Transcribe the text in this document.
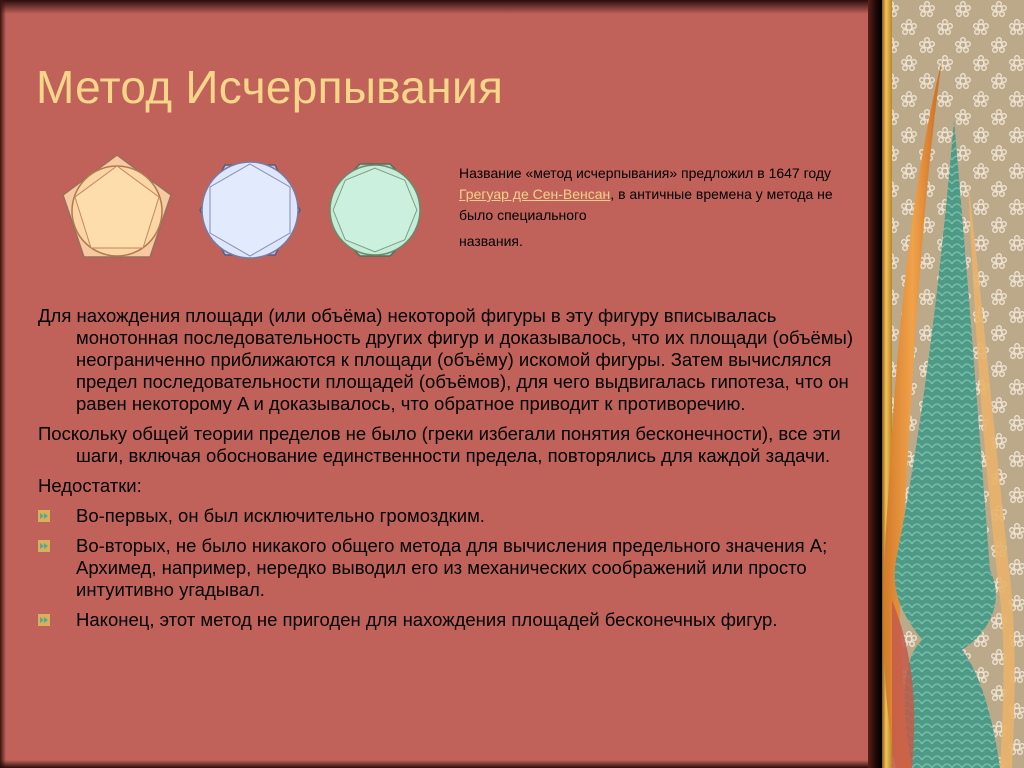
Метод Исчерпывания
Название «метод исчерпывания» предложил в 1647 году Грегуар де Сен-Венсан, в античные времена у метода не было специального
названия.

Для нахождения площади (или объёма) некоторой фигуры в эту фигуру вписывалась монотонная последовательность других фигур и доказывалось, что их площади (объёмы) неограниченно приближаются к площади (объёму) искомой фигуры. Затем вычислялся предел последовательности площадей (объёмов), для чего выдвигалась гипотеза, что он равен некоторому A и доказывалось, что обратное приводит к противоречию.

Поскольку общей теории пределов не было (греки избегали понятия бесконечности), все эти шаги, включая обоснование единственности предела, повторялись для каждой задачи.

Недостатки:

Во-первых, он был исключительно громоздким.
Во-вторых, не было никакого общего метода для вычисления предельного значения А; Архимед, например, нередко выводил его из механических соображений или просто интуитивно угадывал.
Наконец, этот метод не пригоден для нахождения площадей бесконечных фигур.
